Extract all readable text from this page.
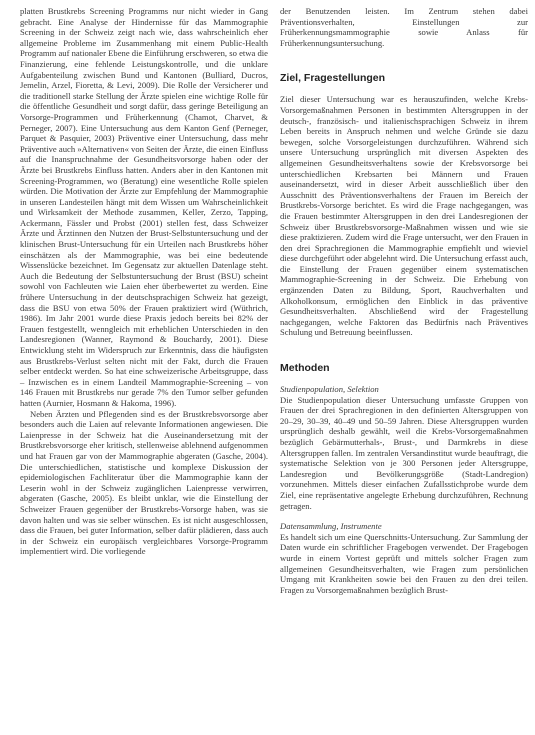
platten Brustkrebs Screening Programms nur nicht wieder in Gang gebracht. Eine Analyse der Hindernisse für das Mammographie Screening in der Schweiz zeigt nach wie, dass wahrscheinlich eher allgemeine Probleme im Zusammenhang mit einem Public-Health Programm auf nationaler Ebene die Einführung erschweren, so etwa die Finanzierung, eine fehlende Leistungskontrolle, und die unklare Aufgabenteilung zwischen Bund und Kantonen (Bulliard, Ducros, Jemelin, Arzel, Fioretta, & Levi, 2009). Die Rolle der Versicherer und die traditionell starke Stellung der Ärzte spielen eine wichtige Rolle für die öffentliche Gesundheit und sorgt dafür, dass geringe Beteiligung an Vorsorge-Programmen und Früherkennung (Chamot, Charvet, & Perneger, 2007). Eine Untersuchung aus dem Kanton Genf (Perneger, Parquet & Pasquier, 2003) Präventive einer Untersuchung, dass mehr Präventive auch »Alternativen« von Seiten der Ärzte, die einen Einfluss auf die Inanspruchnahme der Gesundheitsvorsorge haben oder der Ärzte bei Brustkrebs Einfluss hatten. Anders aber in den Kantonen mit Screening-Programmen, wo (Beratung) eine wesentliche Rolle spielen würden. Die Motivation der Ärzte zur Empfehlung der Mammographie in unseren Landesteilen hängt mit dem Wissen um Wahrscheinlichkeit und Wirksamkeit der Methode zusammen, Keller, Zerzo, Tapping, Ackermann, Fässler und Probst (2001) stellen fest, dass Schweizer Ärzte und Ärztinnen den Nutzen der Brust-Selbstuntersuchung und der klinischen Brust-Untersuchung für ein Urteilen nach Brustkrebs höher einschätzen als der Mammographie, was bei eine bedeutende Wissenslücke bezeichnet. Im Gegensatz zur aktuellen Datenlage steht. Auch die Bedeutung der Selbstuntersuchung der Brust (BSU) scheint sowohl von Fachleuten wie Laien eher überbewertet zu werden. Eine frühere Untersuchung in der deutschsprachigen Schweiz hat gezeigt, dass die BSU von etwa 50% der Frauen praktiziert wird (Wüthrich, 1986). Im Jahr 2001 wurde diese Praxis jedoch bereits bei 82% der Frauen festgestellt, wenngleich mit erheblichen Unterschieden in den Landesregionen (Wanner, Raymond & Bouchardy, 2001). Diese Entwicklung steht im Widerspruch zur Erkenntnis, dass die häufigsten aus Brustkrebs-Verlust selten nicht mit der Fakt, durch die Frauen selber entdeckt werden. So hat eine schweizerische Arbeitsgruppe, dass – Inzwischen es in einem Landteil Mammographie-Screening – von 146 Frauen mit Brustkrebs nur gerade 7% den Tumor selber gefunden hatten (Aurnier, Hosmann & Hakoma, 1996).

Neben Ärzten und Pflegenden sind es der Brustkrebsvorsorge aber besonders auch die Laien auf relevante Informationen angewiesen. Die Laienpresse in der Schweiz hat die Auseinandersetzung mit der Brustkrebsvorsorge eher kritisch, stellenweise ablehnend aufgenommen und hat Frauen gar von der Mammographie abgeraten (Gasche, 2004). Die unterschiedlichen, statistische und komplexe Diskussion der epidemiologischen Fachliteratur über die Mammographie kann der Leserin wohl in der Schweiz zugänglichen Laienpresse verwirren, abgeraten (Gasche, 2005). Es bleibt unklar, wie die Einstellung der Schweizer Frauen gegenüber der Brustkrebs-Vorsorge haben, was sie davon halten und was sie selber wünschen. Es ist nicht ausgeschlossen, dass die Frauen, bei guter Information, selber dafür plädieren, dass auch in der Schweiz ein europäisch vergleichbares Vorsorge-Programm implementiert wird. Die vorliegende

der Benutzenden leisten. Im Zentrum stehen dabei Präventionsverhalten, Einstellungen zur Früherkennungsmammographie sowie Anlass für Früherkennungsuntersuchung.

Ziel, Fragestellungen

Ziel dieser Untersuchung war es herauszufinden, welche Krebs-Vorsorgemaßnahmen Personen in bestimmten Altersgruppen in der deutsch-, französisch- und italienischsprachigen Schweiz in ihrem Leben bereits in Anspruch nehmen und welche Gründe sie dazu bewegen, solche Vorsorgeleistungen durchzuführen. Während sich unsere Untersuchung ursprünglich mit diversen Aspekten des allgemeinen Gesundheitsverhaltens sowie der Krebsvorsorge bei unterschiedlichen Krebsarten bei Männern und Frauen auseinandersetzt, wird in dieser Arbeit ausschließlich über den Ausschnitt des Präventionsverhaltens der Frauen im Bereich der Brustkrebs-Vorsorge berichtet. Es wird die Frage nachgegangen, was die Frauen bestimmter Altersgruppen in den drei Landesregionen der Schweiz über Brustkrebsvorsorge-Maßnahmen wissen und wie sie diese praktizieren. Zudem wird die Frage untersucht, wer den Frauen in den drei Sprachregionen die Mammographie empfiehlt und wieviel diese durchgeführt oder abgelehnt wird. Die Untersuchung erfasst auch, die Einstellung der Frauen gegenüber einem systematischen Mammographie-Screening in der Schweiz. Die Erhebung von ergänzenden Daten zu Bildung, Sport, Rauchverhalten und Alkoholkonsum, ermöglichen den Einblick in das präventive Gesundheitsverhalten. Abschließend wird der Fragestellung nachgegangen, welche Faktoren das Bedürfnis nach Präventives Schulung und Betreuung beeinflussen.

Methoden
Studienpopulation, Selektion

Die Studienpopulation dieser Untersuchung umfasste Gruppen von Frauen der drei Sprachregionen in den definierten Altersgruppen von 20–29, 30–39, 40–49 und 50–59 Jahren. Diese Altersgruppen wurden ursprünglich deshalb gewählt, weil die Krebs-Vorsorgemaßnahmen bezüglich Gebärmutterhals-, Brust-, und Darmkrebs in diese Altersgruppen fallen. Im zentralen Versandinstitut wurde beauftragt, die systematische Selektion von je 300 Personen jeder Altersgruppe, Landesregion und Bevölkerungsgröße (Stadt-Landregion) vorzunehmen. Mittels dieser einfachen Zufallsstichprobe wurde dem Ziel, eine repräsentative angelegte Erhebung durchzuführen, Rechnung getragen.

Datensammlung, Instrumente

Es handelt sich um eine Querschnitts-Untersuchung. Zur Sammlung der Daten wurde ein schriftlicher Fragebogen verwendet. Der Fragebogen wurde in einem Vortest geprüft und mittels solcher Fragen zum allgemeinen Gesundheitsverhalten, wie Fragen zum persönlichen Umgang mit Krankheiten sowie bei den Frauen zu den drei teilen. Fragen zu Vorsorgemaßnahmen bezüglich Brust-
